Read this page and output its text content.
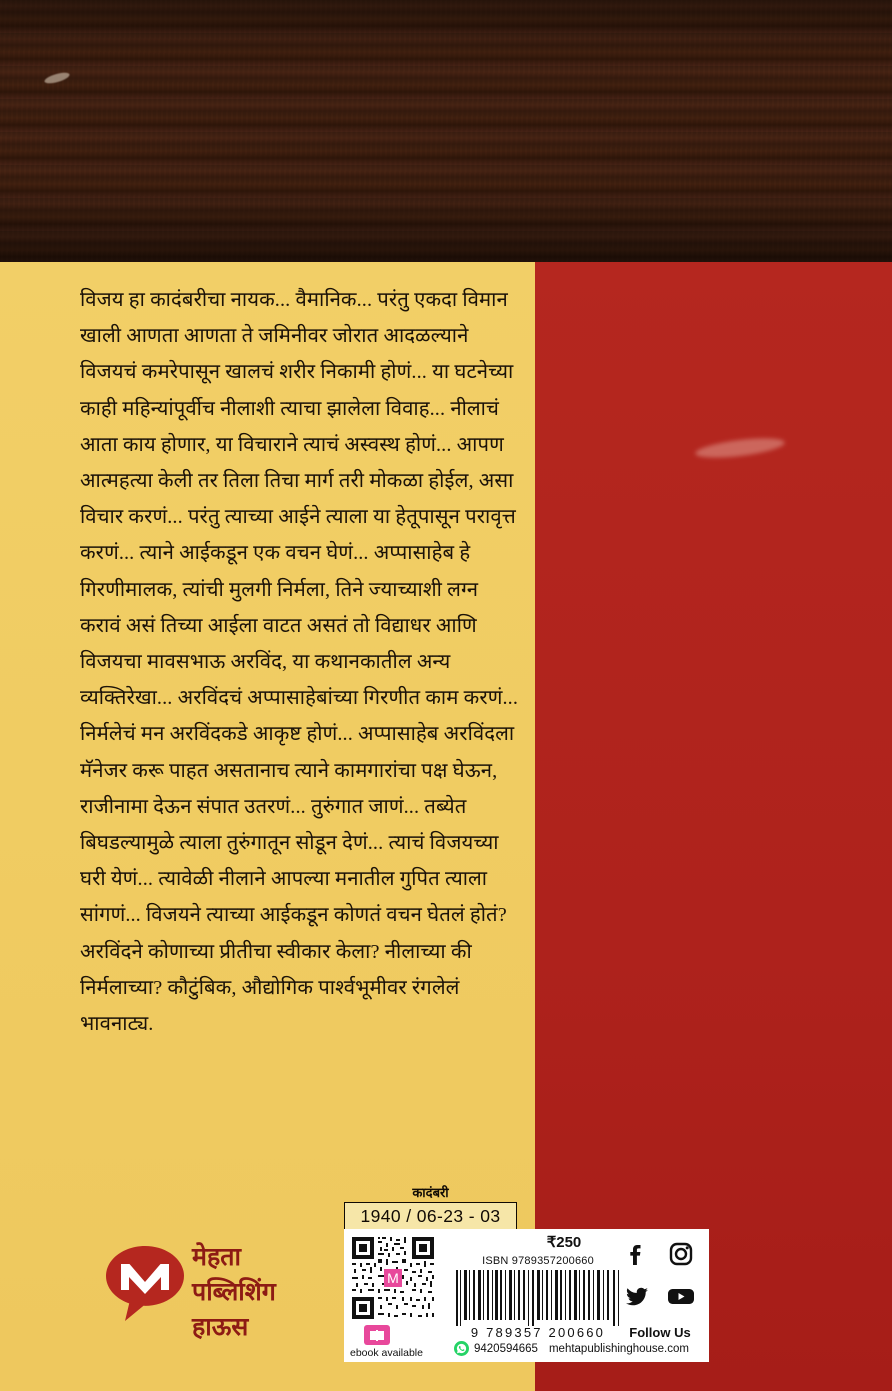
विजय हा कादंबरीचा नायक... वैमानिक... परंतु एकदा विमान खाली आणता आणता ते जमिनीवर जोरात आदळल्याने विजयचं कमरेपासून खालचं शरीर निकामी होणं... या घटनेच्या काही महिन्यांपूर्वीच नीलाशी त्याचा झालेला विवाह... नीलाचं आता काय होणार, या विचाराने त्याचं अस्वस्थ होणं... आपण आत्महत्या केली तर तिला तिचा मार्ग तरी मोकळा होईल, असा विचार करणं... परंतु त्याच्या आईने त्याला या हेतूपासून परावृत्त करणं... त्याने आईकडून एक वचन घेणं... अप्पासाहेब हे गिरणीमालक, त्यांची मुलगी निर्मला, तिने ज्याच्याशी लग्न करावं असं तिच्या आईला वाटत असतं तो विद्याधर आणि विजयचा मावसभाऊ अरविंद, या कथानकातील अन्य व्यक्तिरेखा... अरविंदचं अप्पासाहेबांच्या गिरणीत काम करणं... निर्मलेचं मन अरविंदकडे आकृष्ट होणं... अप्पासाहेब अरविंदला मॅनेजर करू पाहत असतानाच त्याने कामगारांचा पक्ष घेऊन, राजीनामा देऊन संपात उतरणं... तुरुंगात जाणं... तब्येत बिघडल्यामुळे त्याला तुरुंगातून सोडून देणं... त्याचं विजयच्या घरी येणं... त्यावेळी नीलाने आपल्या मनातील गुपित त्याला सांगणं... विजयने त्याच्या आईकडून कोणतं वचन घेतलं होतं? अरविंदने कोणाच्या प्रीतीचा स्वीकार केला? नीलाच्या की निर्मलाच्या? कौटुंबिक, औद्योगिक पार्श्वभूमीवर रंगलेलं भावनाट्य.

कादंबरी
1940 / 06-23 - 03
M
ebook available
₹250
ISBN 9789357200660
9 789357 200660	Follow Us
9420594665 mehtapublishinghouse.com
मेहता
पब्लिशिंग
हाऊस
